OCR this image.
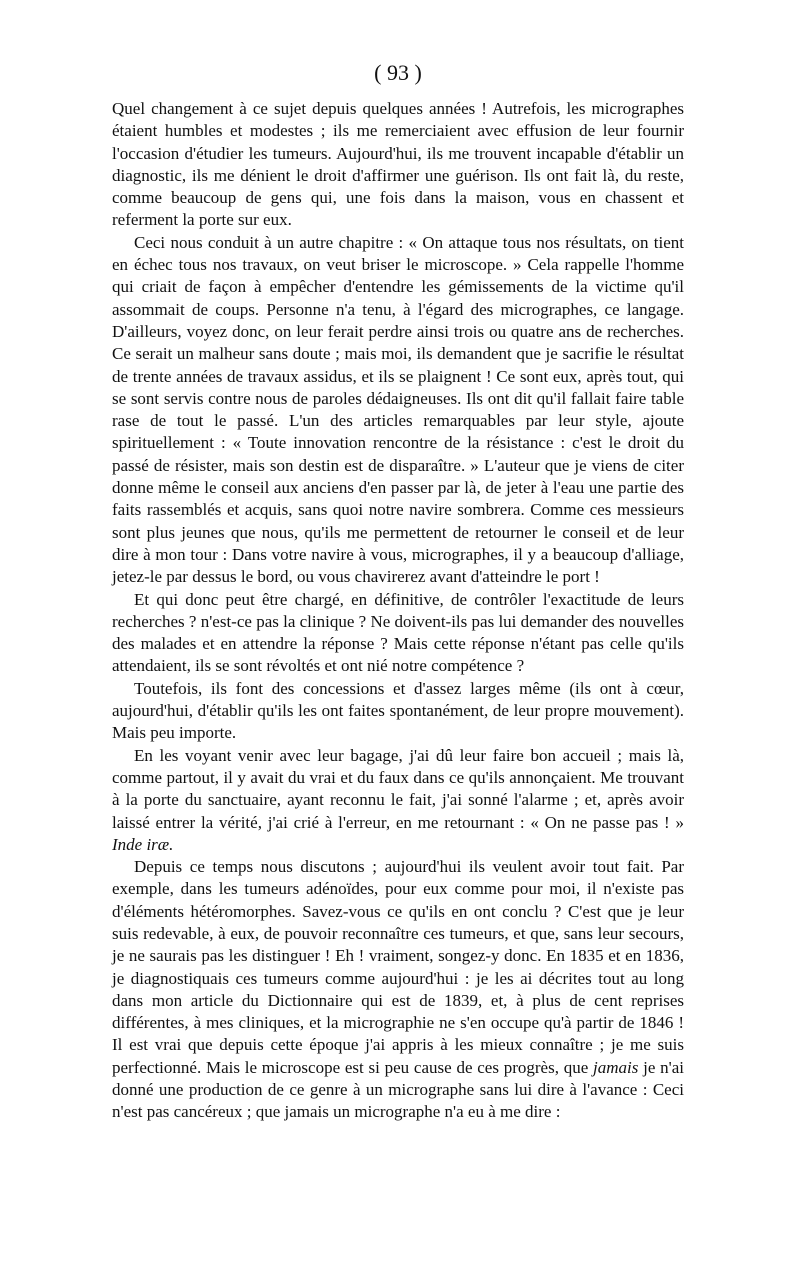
( 93 )

Quel changement à ce sujet depuis quelques années ! Autrefois, les micrographes étaient humbles et modestes ; ils me remerciaient avec effusion de leur fournir l'occasion d'étudier les tumeurs. Aujourd'hui, ils me trouvent incapable d'établir un diagnostic, ils me dénient le droit d'affirmer une guérison. Ils ont fait là, du reste, comme beaucoup de gens qui, une fois dans la maison, vous en chassent et referment la porte sur eux.

Ceci nous conduit à un autre chapitre : « On attaque tous nos résultats, on tient en échec tous nos travaux, on veut briser le microscope. » Cela rappelle l'homme qui criait de façon à empêcher d'entendre les gémissements de la victime qu'il assommait de coups. Personne n'a tenu, à l'égard des micrographes, ce langage. D'ailleurs, voyez donc, on leur ferait perdre ainsi trois ou quatre ans de recherches. Ce serait un malheur sans doute ; mais moi, ils demandent que je sacrifie le résultat de trente années de travaux assidus, et ils se plaignent ! Ce sont eux, après tout, qui se sont servis contre nous de paroles dédaigneuses. Ils ont dit qu'il fallait faire table rase de tout le passé. L'un des articles remarquables par leur style, ajoute spirituellement : « Toute innovation rencontre de la résistance : c'est le droit du passé de résister, mais son destin est de disparaître. » L'auteur que je viens de citer donne même le conseil aux anciens d'en passer par là, de jeter à l'eau une partie des faits rassemblés et acquis, sans quoi notre navire sombrera. Comme ces messieurs sont plus jeunes que nous, qu'ils me permettent de retourner le conseil et de leur dire à mon tour : Dans votre navire à vous, micrographes, il y a beaucoup d'alliage, jetez-le par dessus le bord, ou vous chavirerez avant d'atteindre le port !

Et qui donc peut être chargé, en définitive, de contrôler l'exactitude de leurs recherches ? n'est-ce pas la clinique ? Ne doivent-ils pas lui demander des nouvelles des malades et en attendre la réponse ? Mais cette réponse n'étant pas celle qu'ils attendaient, ils se sont révoltés et ont nié notre compétence ?

Toutefois, ils font des concessions et d'assez larges même (ils ont à cœur, aujourd'hui, d'établir qu'ils les ont faites spontanément, de leur propre mouvement). Mais peu importe.

En les voyant venir avec leur bagage, j'ai dû leur faire bon accueil ; mais là, comme partout, il y avait du vrai et du faux dans ce qu'ils annonçaient. Me trouvant à la porte du sanctuaire, ayant reconnu le fait, j'ai sonné l'alarme ; et, après avoir laissé entrer la vérité, j'ai crié à l'erreur, en me retournant : « On ne passe pas ! » Inde iræ.

Depuis ce temps nous discutons ; aujourd'hui ils veulent avoir tout fait. Par exemple, dans les tumeurs adénoïdes, pour eux comme pour moi, il n'existe pas d'éléments hétéromorphes. Savez-vous ce qu'ils en ont conclu ? C'est que je leur suis redevable, à eux, de pouvoir reconnaître ces tumeurs, et que, sans leur secours, je ne saurais pas les distinguer ! Eh ! vraiment, songez-y donc. En 1835 et en 1836, je diagnostiquais ces tumeurs comme aujourd'hui : je les ai décrites tout au long dans mon article du Dictionnaire qui est de 1839, et, à plus de cent reprises différentes, à mes cliniques, et la micrographie ne s'en occupe qu'à partir de 1846 ! Il est vrai que depuis cette époque j'ai appris à les mieux connaître ; je me suis perfectionné. Mais le microscope est si peu cause de ces progrès, que jamais je n'ai donné une production de ce genre à un micrographe sans lui dire à l'avance : Ceci n'est pas cancéreux ; que jamais un micrographe n'a eu à me dire :
